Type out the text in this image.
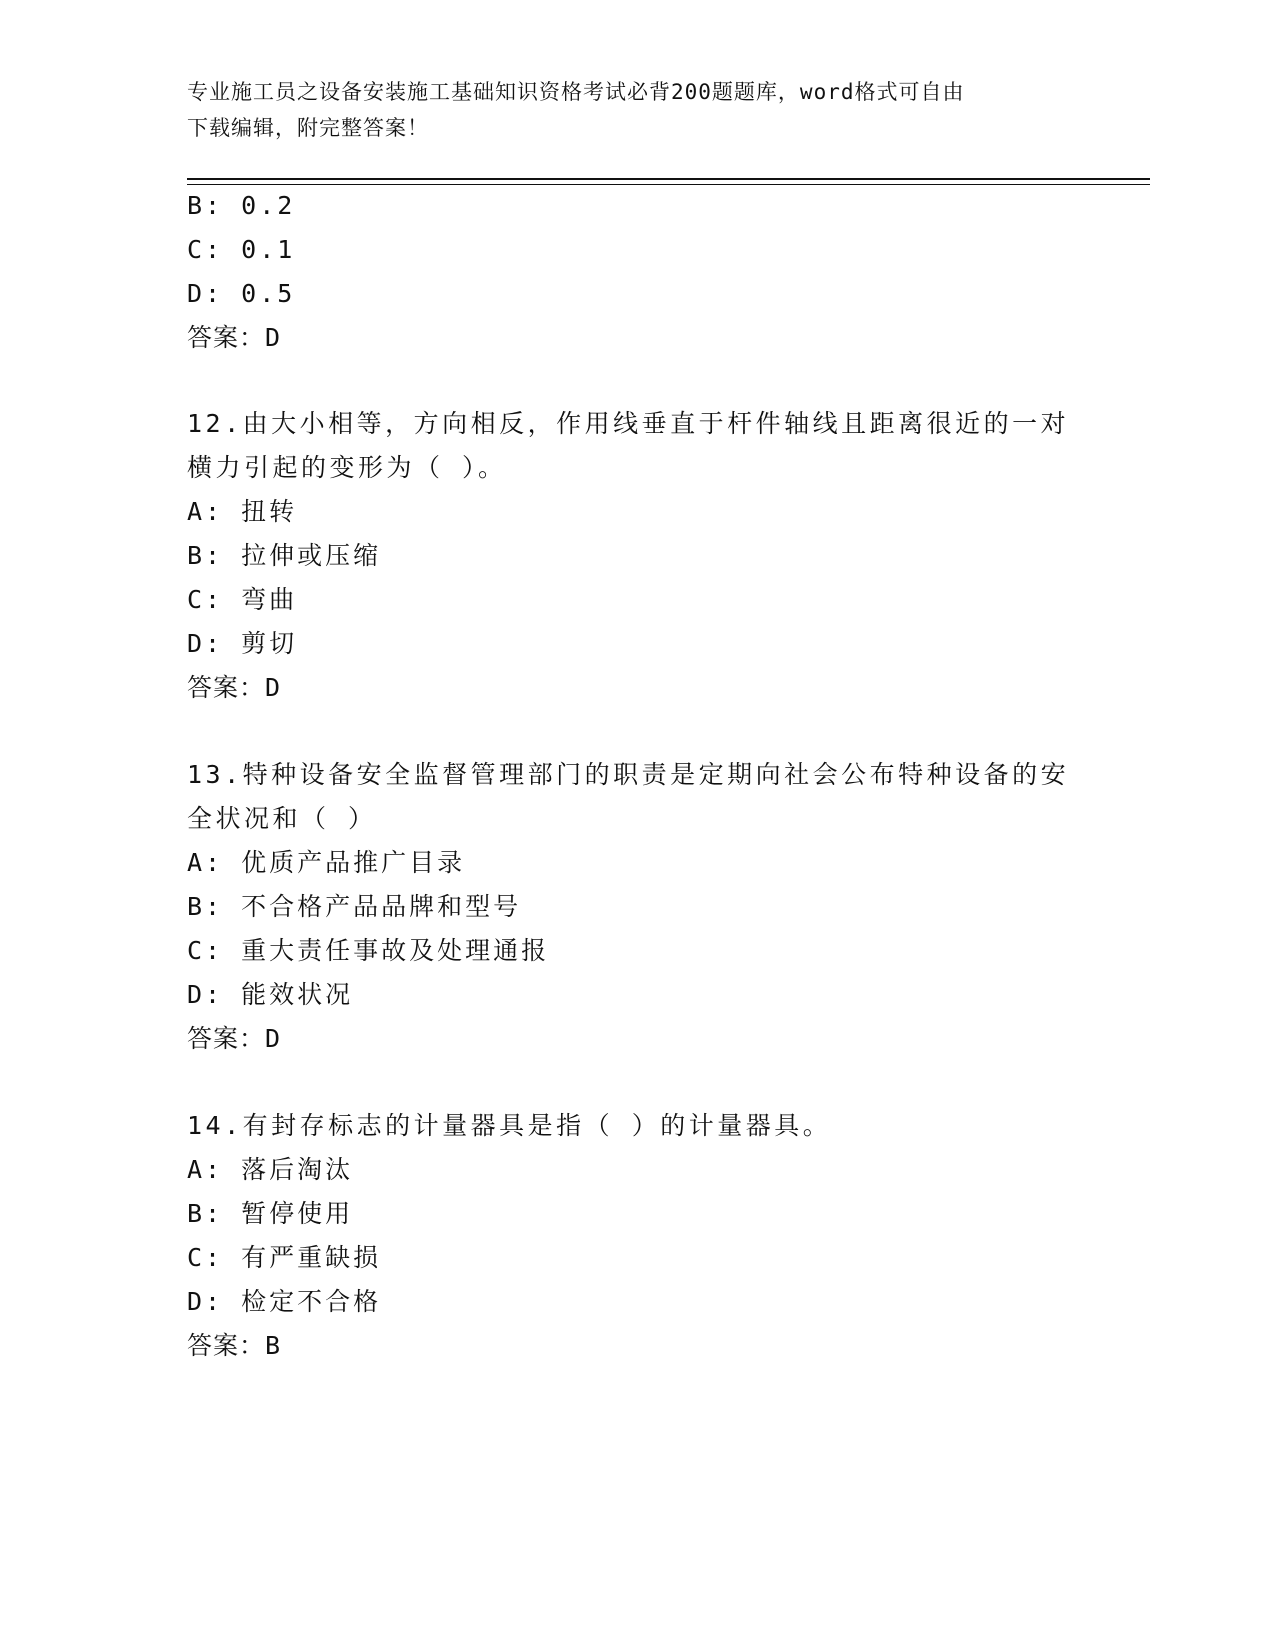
专业施工员之设备安装施工基础知识资格考试必背200题题库，word格式可自由
下载编辑，附完整答案！
B: 0.2
C: 0.1
D: 0.5
答案：D
12.由大小相等，方向相反，作用线垂直于杆件轴线且距离很近的一对
横力引起的变形为（ ）。
A: 扭转
B: 拉伸或压缩
C: 弯曲
D: 剪切
答案：D
13.特种设备安全监督管理部门的职责是定期向社会公布特种设备的安
全状况和（ ）
A: 优质产品推广目录
B: 不合格产品品牌和型号
C: 重大责任事故及处理通报
D: 能效状况
答案：D
14.有封存标志的计量器具是指（ ）的计量器具。
A: 落后淘汰
B: 暂停使用
C: 有严重缺损
D: 检定不合格
答案：B
